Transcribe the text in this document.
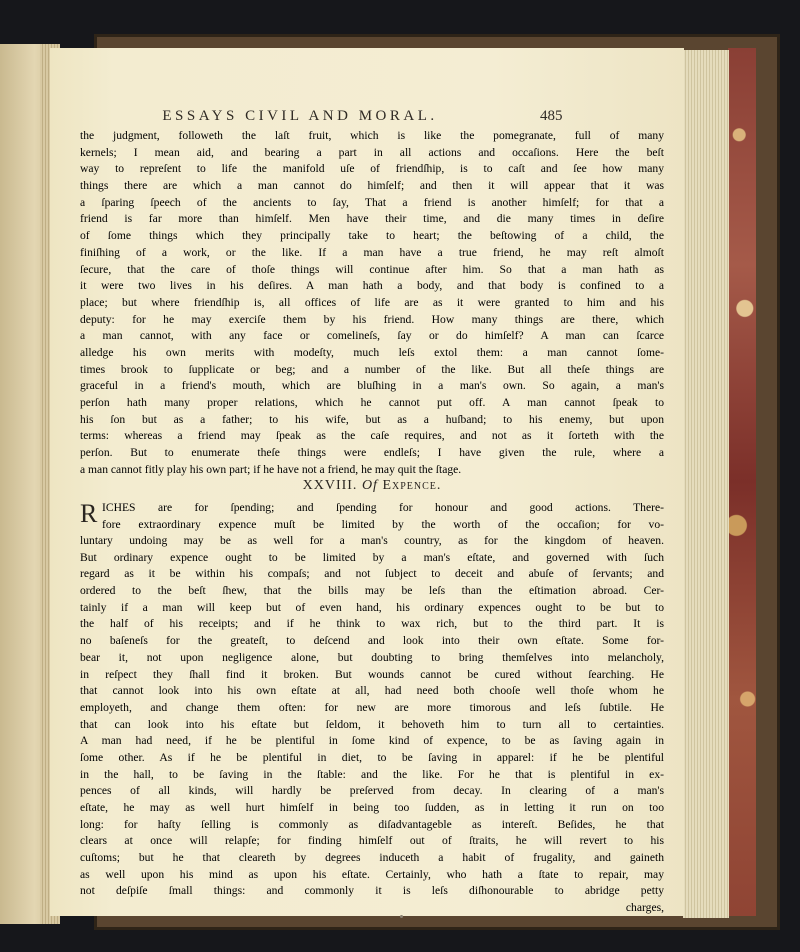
ESSAYS CIVIL AND MORAL.	485
the judgment, followeth the laſt fruit, which is like the pomegranate, full of many
kernels; I mean aid, and bearing a part in all actions and occaſions. Here the beſt
way to repreſent to life the manifold uſe of friendſhip, is to caſt and ſee how many
things there are which a man cannot do himſelf; and then it will appear that it was
a ſparing ſpeech of the ancients to ſay, That a friend is another himſelf; for that a
friend is far more than himſelf. Men have their time, and die many times in deſire
of ſome things which they principally take to heart; the beſtowing of a child, the
finiſhing of a work, or the like. If a man have a true friend, he may reſt almoſt
ſecure, that the care of thoſe things will continue after him. So that a man hath as
it were two lives in his deſires. A man hath a body, and that body is confined to a
place; but where friendſhip is, all offices of life are as it were granted to him and his
deputy: for he may exerciſe them by his friend. How many things are there, which
a man cannot, with any face or comelineſs, ſay or do himſelf? A man can ſcarce
alledge his own merits with modeſty, much leſs extol them: a man cannot ſome-
times brook to ſupplicate or beg; and a number of the like. But all theſe things are
graceful in a friend's mouth, which are bluſhing in a man's own. So again, a man's
perſon hath many proper relations, which he cannot put off. A man cannot ſpeak to
his ſon but as a father; to his wife, but as a huſband; to his enemy, but upon
terms: whereas a friend may ſpeak as the caſe requires, and not as it ſorteth with the
perſon. But to enumerate theſe things were endleſs; I have given the rule, where a
a man cannot fitly play his own part; if he have not a friend, he may quit the ſtage.
XXVIII. Of Expence.
R ICHES are for ſpending; and ſpending for honour and good actions. There-
fore extraordinary expence muſt be limited by the worth of the occaſion; for vo-
luntary undoing may be as well for a man's country, as for the kingdom of heaven.
But ordinary expence ought to be limited by a man's eſtate, and governed with ſuch
regard as it be within his compaſs; and not ſubject to deceit and abuſe of ſervants; and
ordered to the beſt ſhew, that the bills may be leſs than the eſtimation abroad. Cer-
tainly if a man will keep but of even hand, his ordinary expences ought to be but to
the half of his receipts; and if he think to wax rich, but to the third part. It is
no baſeneſs for the greateſt, to deſcend and look into their own eſtate. Some for-
bear it, not upon negligence alone, but doubting to bring themſelves into melancholy,
in reſpect they ſhall find it broken. But wounds cannot be cured without ſearching. He
that cannot look into his own eſtate at all, had need both chooſe well thoſe whom he
employeth, and change them often: for new are more timorous and leſs ſubtile. He
that can look into his eſtate but ſeldom, it behoveth him to turn all to certainties.
A man had need, if he be plentiful in ſome kind of expence, to be as ſaving again in
ſome other. As if he be plentiful in diet, to be ſaving in apparel: if he be plentiful
in the hall, to be ſaving in the ſtable: and the like. For he that is plentiful in ex-
pences of all kinds, will hardly be preſerved from decay. In clearing of a man's
eſtate, he may as well hurt himſelf in being too ſudden, as in letting it run on too
long: for haſty ſelling is commonly as diſadvantageble as intereſt. Beſides, he that
clears at once will relapſe; for finding himſelf out of ſtraits, he will revert to his
cuſtoms; but he that cleareth by degrees induceth a habit of frugality, and gaineth
as well upon his mind as upon his eſtate. Certainly, who hath a ſtate to repair, may
not deſpiſe ſmall things: and commonly it is leſs diſhonourable to abridge petty
charges,
